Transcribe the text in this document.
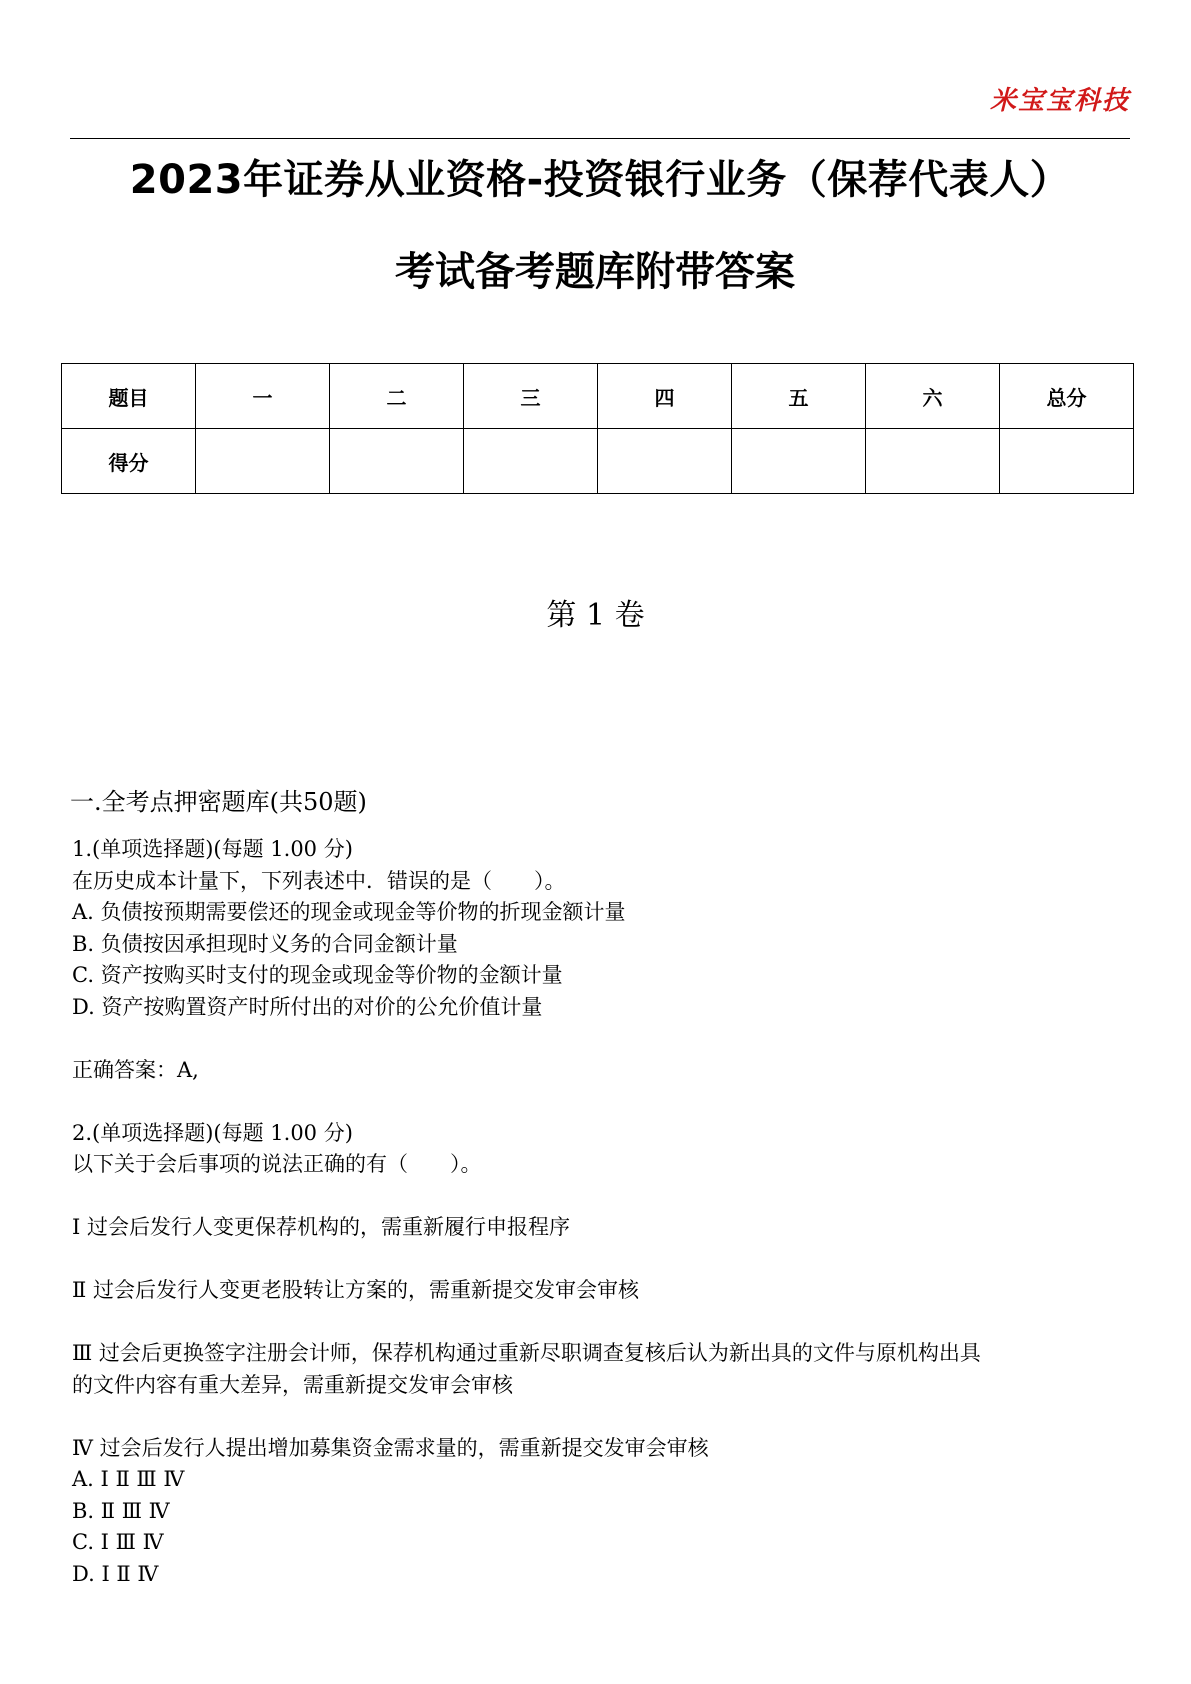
米宝宝科技
2023年证券从业资格-投资银行业务（保荐代表人）
考试备考题库附带答案
题目	一	二	三	四	五	六	总分
得分							
第 1 卷
一.全考点押密题库(共50题)
1.(单项选择题)(每题 1.00 分)
在历史成本计量下，下列表述中．错误的是（　　）。
A. 负债按预期需要偿还的现金或现金等价物的折现金额计量
B. 负债按因承担现时义务的合同金额计量
C. 资产按购买时支付的现金或现金等价物的金额计量
D. 资产按购置资产时所付出的对价的公允价值计量
正确答案：A,
2.(单项选择题)(每题 1.00 分)
以下关于会后事项的说法正确的有（　　）。
Ⅰ 过会后发行人变更保荐机构的，需重新履行申报程序
Ⅱ 过会后发行人变更老股转让方案的，需重新提交发审会审核
Ⅲ 过会后更换签字注册会计师，保荐机构通过重新尽职调查复核后认为新出具的文件与原机构出具
的文件内容有重大差异，需重新提交发审会审核
Ⅳ 过会后发行人提出增加募集资金需求量的，需重新提交发审会审核
A. Ⅰ Ⅱ Ⅲ Ⅳ
B. Ⅱ Ⅲ Ⅳ
C. Ⅰ Ⅲ Ⅳ
D. Ⅰ Ⅱ Ⅳ
